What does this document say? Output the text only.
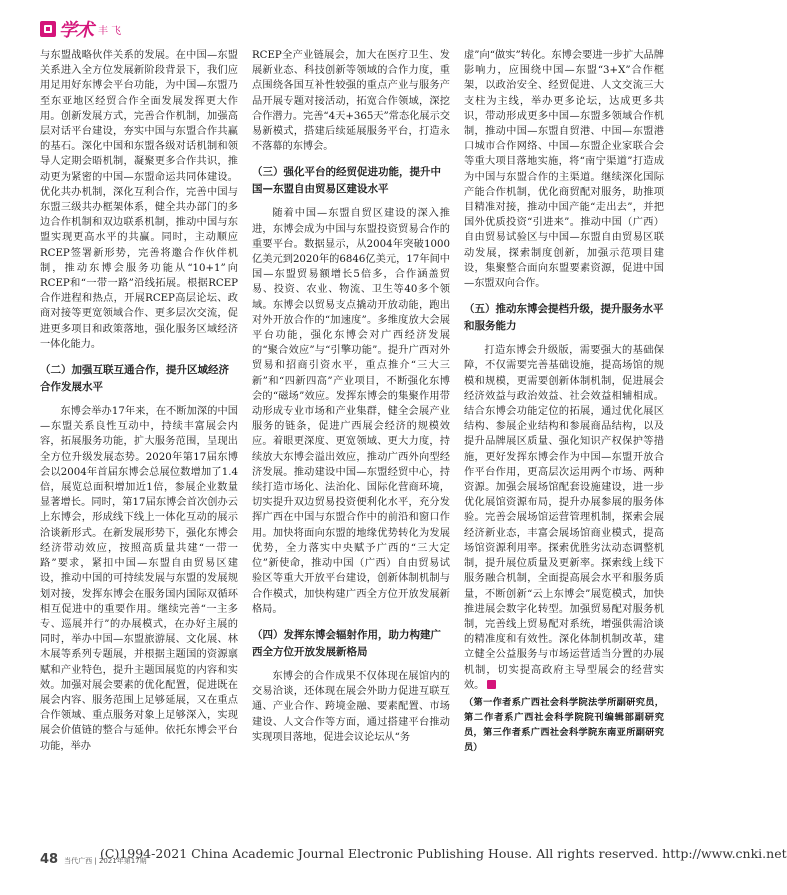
学术 丰 飞

与东盟战略伙伴关系的发展。在中国—东盟关系进入全方位发展新阶段背景下，我们应用足用好东博会平台功能，为中国—东盟乃至东亚地区经贸合作全面发展发挥更大作用。创新发展方式，完善合作机制，加强高层对话平台建设，夯实中国与东盟合作共赢的基石。深化中国和东盟各级对话机制和领导人定期会晤机制，凝聚更多合作共识，推动更为紧密的中国—东盟命运共同体建设。优化共办机制，深化互利合作，完善中国与东盟三级共办框架体系，健全共办部门的多边合作机制和双边联系机制，推动中国与东盟实现更高水平的共赢。同时，主动顺应RCEP签署新形势，完善将邀合作伙伴机制，推动东博会服务功能从“10+1”向RCEP和“一带一路”沿线拓展。根据RCEP合作进程和热点，开展RCEP高层论坛、政商对接等更宽领域合作、更多层次交流，促进更多项目和政策落地，强化服务区域经济一体化能力。

（二）加强互联互通合作，提升区域经济合作发展水平

东博会举办17年来，在不断加深的中国—东盟关系良性互动中，持续丰富展会内容，拓展服务功能，扩大服务范围，呈现出全方位升级发展态势。2020年第17届东博会以2004年首届东博会总展位数增加了1.4倍，展览总面积增加近1倍，参展企业数量显著增长。同时，第17届东博会首次创办云上东博会，形成线下线上一体化互动的展示洽谈新形式。在新发展形势下，强化东博会经济带动效应，按照高质量共建“一带一路”要求，紧扣中国—东盟自由贸易区建设，推动中国的可持续发展与东盟的发展规划对接，发挥东博会在服务国内国际双循环相互促进中的重要作用。继续完善“一主多专、巡展并行”的办展模式，在办好主展的同时，举办中国—东盟旅游展、文化展、林木展等系列专题展，并根据主题国的资源禀赋和产业特色，提升主题国展览的内容和实效。加强对展会要素的优化配置，促进既在展会内容、服务范围上足够延展，又在重点合作领域、重点服务对象上足够深入，实现展会价值链的整合与延伸。依托东博会平台功能，举办

RCEP全产业链展会，加大在医疗卫生、发展新业态、科技创新等领域的合作力度，重点围绕各国互补性较强的重点产业与服务产品开展专题对接活动，拓宽合作领域，深挖合作潜力。完善“4天+365天”常态化展示交易新模式，搭建后续延展服务平台，打造永不落幕的东博会。

（三）强化平台的经贸促进功能，提升中国—东盟自由贸易区建设水平

随着中国—东盟自贸区建设的深入推进，东博会成为中国与东盟投资贸易合作的重要平台。数据显示，从2004年突破1000亿美元到2020年的6846亿美元，17年间中国—东盟贸易额增长5倍多，合作涵盖贸易、投资、农业、物流、卫生等40多个领域。东博会以贸易支点撬动开放动能，跑出对外开放合作的“加速度”。多维度放大会展平台功能，强化东博会对广西经济发展的“聚合效应”与“引擎功能”。提升广西对外贸易和招商引资水平，重点推介“三大三新”和“四新四高”产业项目，不断强化东博会的“磁场”效应。发挥东博会的集聚作用带动形成专业市场和产业集群，健全会展产业服务的链条，促进广西展会经济的规模效应。着眼更深度、更宽领域、更大力度，持续放大东博会溢出效应，推动广西外向型经济发展。推动建设中国—东盟经贸中心，持续打造市场化、法治化、国际化营商环境，切实提升双边贸易投资便利化水平，充分发挥广西在中国与东盟合作中的前沿和窗口作用。加快将面向东盟的地缘优势转化为发展优势，全力落实中央赋予广西的“三大定位”新使命，推动中国（广西）自由贸易试验区等重大开放平台建设，创新体制机制与合作模式，加快构建广西全方位开放发展新格局。

（四）发挥东博会辐射作用，助力构建广西全方位开放发展新格局

东博会的合作成果不仅体现在展馆内的交易洽谈，还体现在展会外助力促进互联互通、产业合作、跨境金融、要素配置、市场建设、人文合作等方面，通过搭建平台推动实现项目落地，促进会议论坛从“务

虚”向“做实”转化。东博会要进一步扩大品牌影响力，应围绕中国—东盟“3+X”合作框架，以政治安全、经贸促进、人文交流三大支柱为主线，举办更多论坛，达成更多共识，带动形成更多中国—东盟多领域合作机制，推动中国—东盟自贸港、中国—东盟港口城市合作网络、中国—东盟企业家联合会等重大项目落地实施，将“南宁渠道”打造成为中国与东盟合作的主渠道。继续深化国际产能合作机制，优化商贸配对服务，助推项目精准对接，推动中国产能“走出去”，并把国外优质投资“引进来”。推动中国（广西）自由贸易试验区与中国—东盟自由贸易区联动发展，探索制度创新，加强示范项目建设，集聚整合面向东盟要素资源，促进中国—东盟双向合作。

（五）推动东博会提档升级，提升服务水平和服务能力

打造东博会升级版，需要强大的基础保障，不仅需要完善基础设施，提高场馆的规模和规模，更需要创新体制机制，促进展会经济效益与政治效益、社会效益相辅相成。结合东博会功能定位的拓展，通过优化展区结构、参展企业结构和参展商品结构，以及提升品牌展区质量、强化知识产权保护等措施，更好发挥东博会作为中国—东盟开放合作平台作用，更高层次运用两个市场、两种资源。加强会展场馆配套设施建设，进一步优化展馆资源布局，提升办展参展的服务体验。完善会展场馆运营管理机制，探索会展经济新业态，丰富会展场馆商业模式，提高场馆资源利用率。探索优胜劣汰动态调整机制，提升展位质量及更新率。探索线上线下服务融合机制，全面提高展会水平和服务质量，不断创新“云上东博会”展览模式，加快推进展会数字化转型。加强贸易配对服务机制，完善线上贸易配对系统，增强供需洽谈的精准度和有效性。深化体制机制改革，建立健全公益服务与市场运营适当分置的办展机制，切实提高政府主导型展会的经营实效。

（第一作者系广西社会科学院法学所副研究员，第二作者系广西社会科学院院刊编辑部副研究员，第三作者系广西社会科学院东南亚所副研究员）

48 当代广西 | 2021年第17期
(C)1994-2021 China Academic Journal Electronic Publishing House. All rights reserved. http://www.cnki.net
